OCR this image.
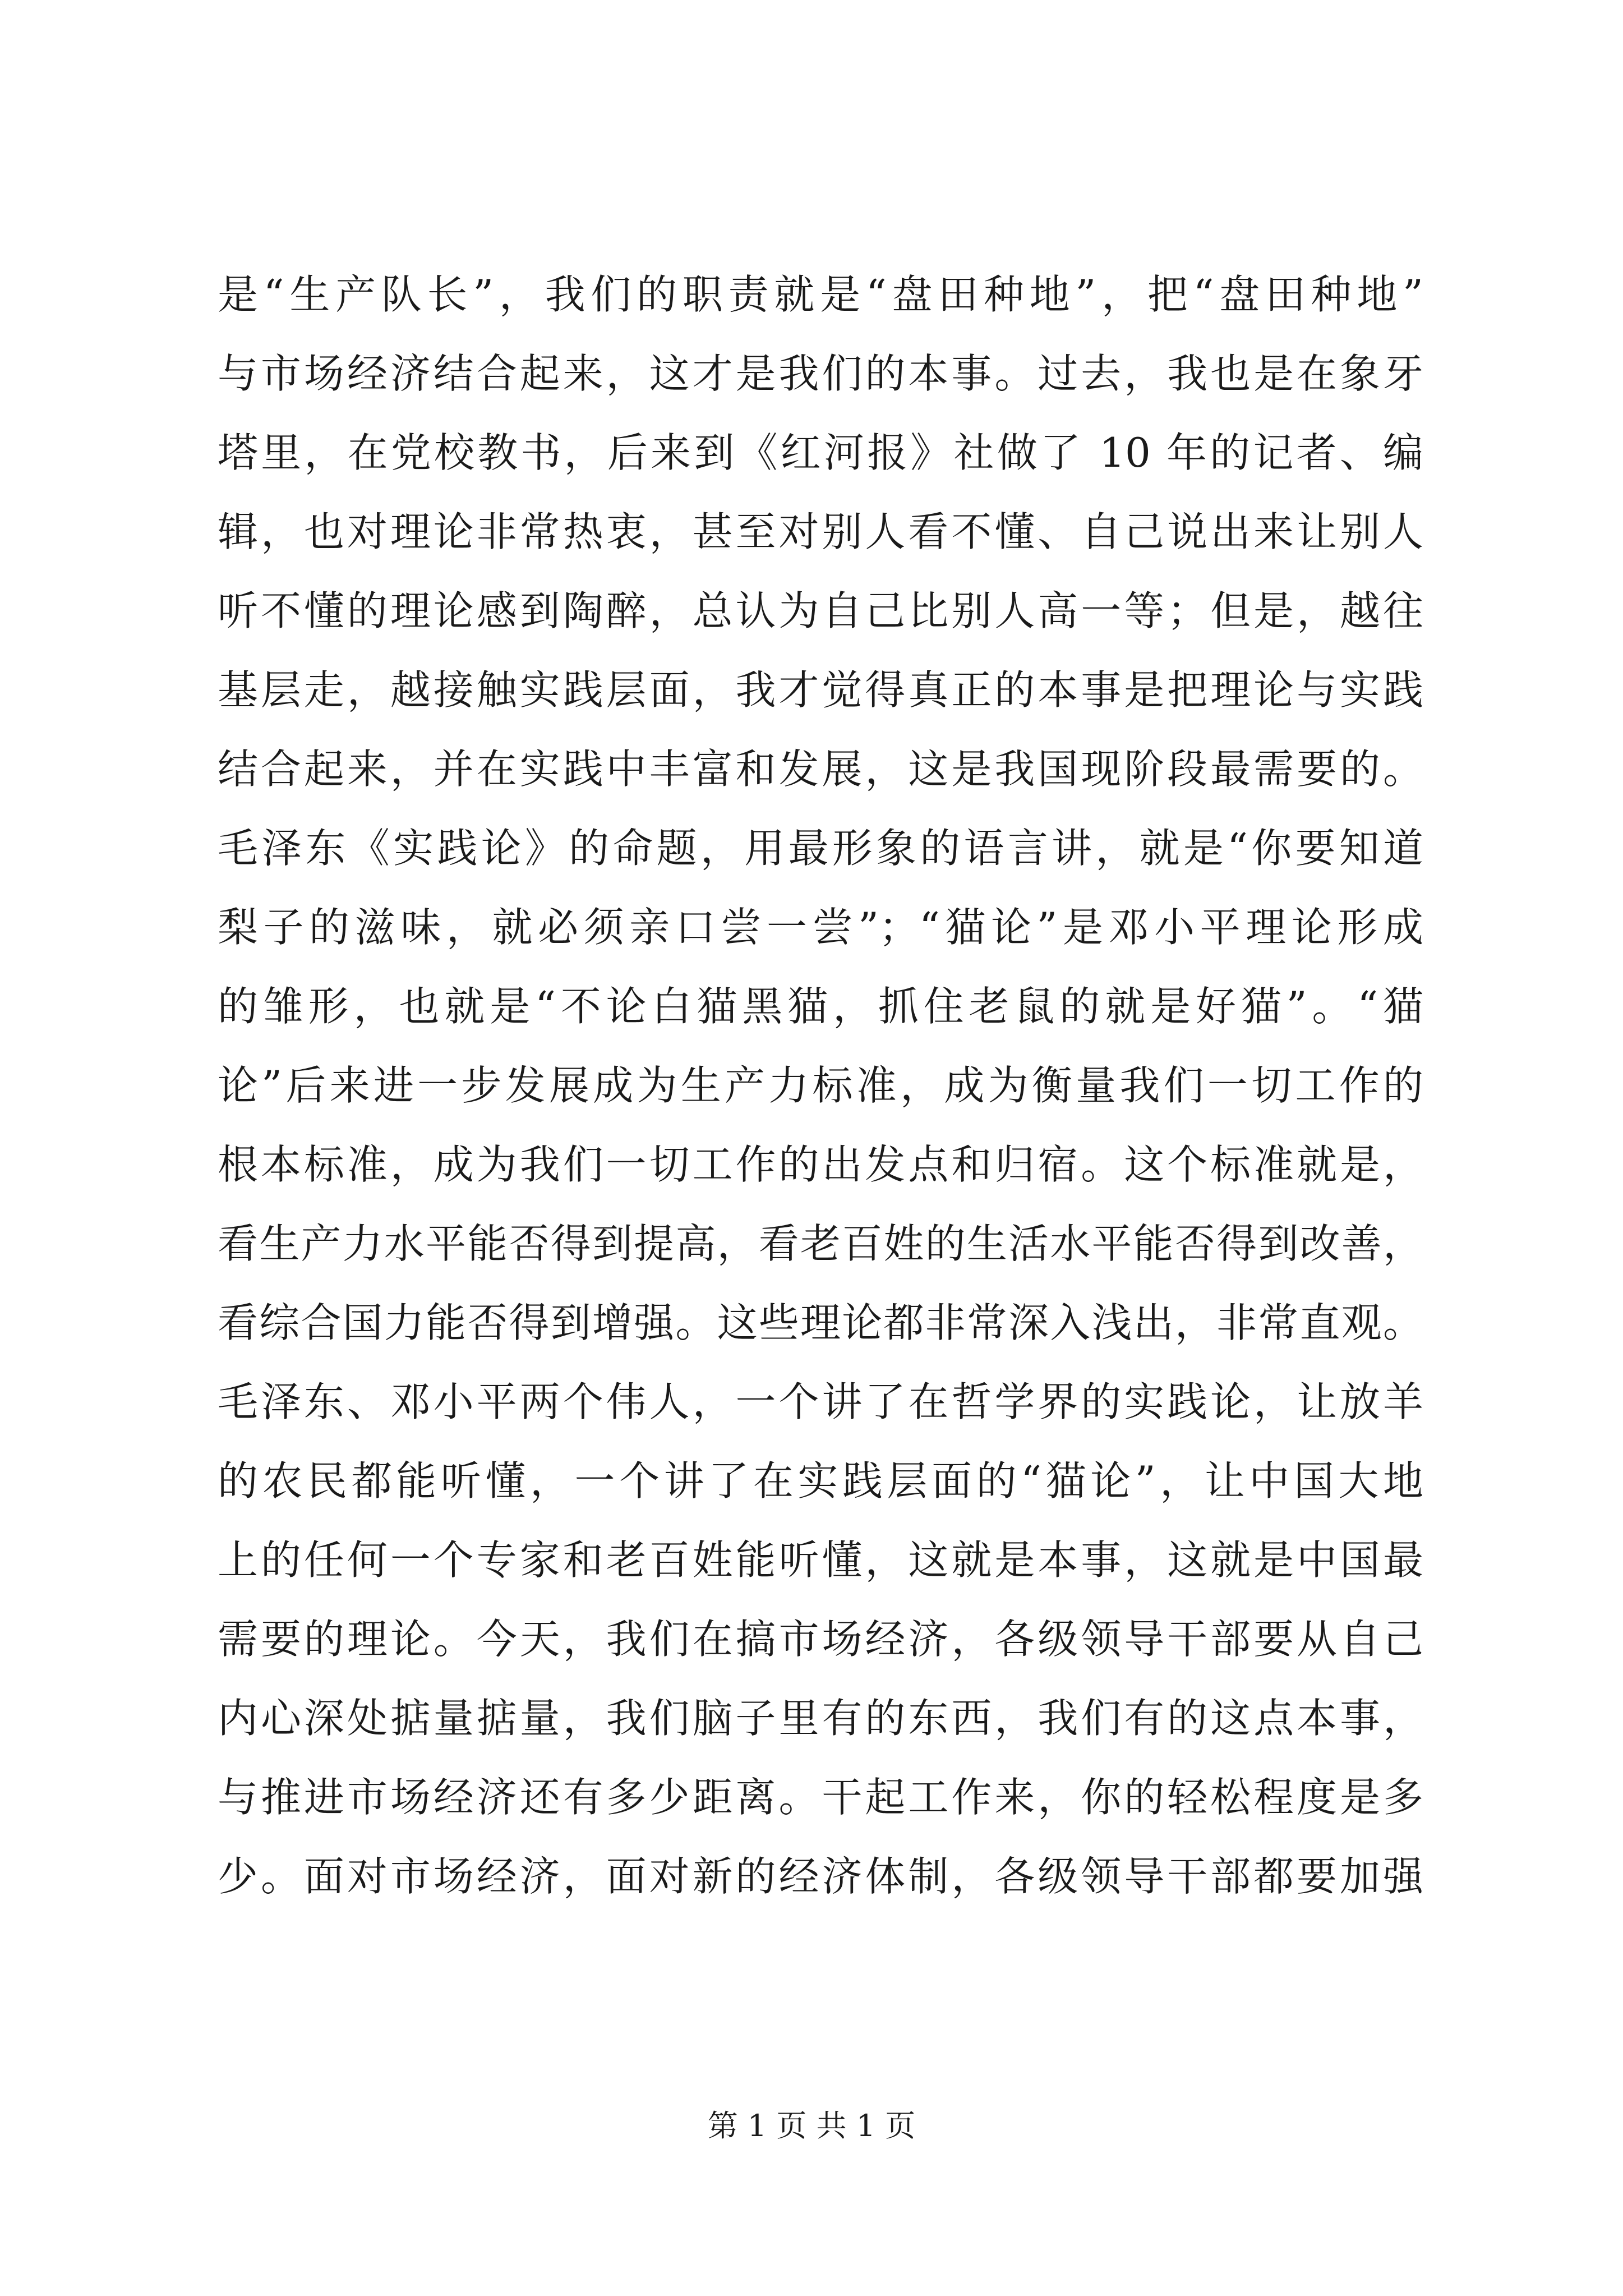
是“生产队长”，我们的职责就是“盘田种地”，把“盘田种地”
与市场经济结合起来，这才是我们的本事。过去，我也是在象牙
塔里，在党校教书，后来到《红河报》社做了 10 年的记者、编
辑，也对理论非常热衷，甚至对别人看不懂、自己说出来让别人
听不懂的理论感到陶醉，总认为自己比别人高一等；但是，越往
基层走，越接触实践层面，我才觉得真正的本事是把理论与实践
结合起来，并在实践中丰富和发展，这是我国现阶段最需要的。
毛泽东《实践论》的命题，用最形象的语言讲，就是“你要知道
梨子的滋味，就必须亲口尝一尝”；“猫论”是邓小平理论形成
的雏形，也就是“不论白猫黑猫，抓住老鼠的就是好猫”。“猫
论”后来进一步发展成为生产力标准，成为衡量我们一切工作的
根本标准，成为我们一切工作的出发点和归宿。这个标准就是，
看生产力水平能否得到提高，看老百姓的生活水平能否得到改善，
看综合国力能否得到增强。这些理论都非常深入浅出，非常直观。
毛泽东、邓小平两个伟人，一个讲了在哲学界的实践论，让放羊
的农民都能听懂，一个讲了在实践层面的“猫论”，让中国大地
上的任何一个专家和老百姓能听懂，这就是本事，这就是中国最
需要的理论。今天，我们在搞市场经济，各级领导干部要从自己
内心深处掂量掂量，我们脑子里有的东西，我们有的这点本事，
与推进市场经济还有多少距离。干起工作来，你的轻松程度是多
少。面对市场经济，面对新的经济体制，各级领导干部都要加强
第 1 页 共 1 页
